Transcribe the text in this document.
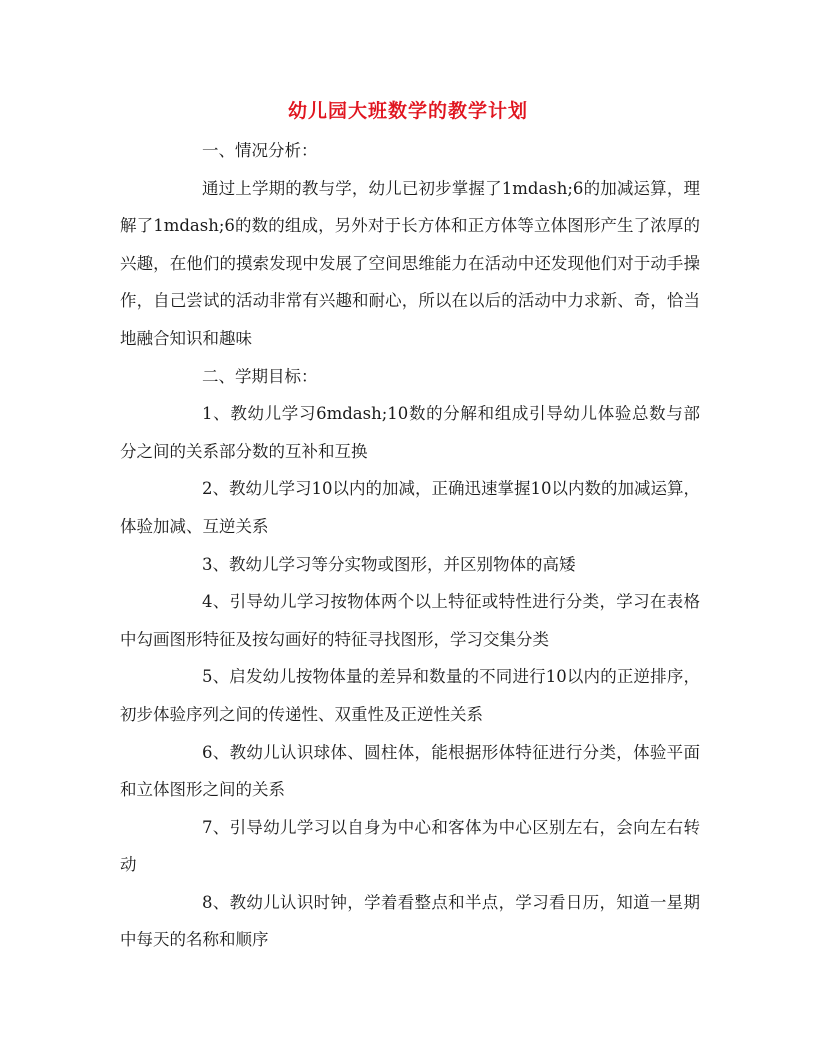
幼儿园大班数学的教学计划

一、情况分析：

通过上学期的教与学，幼儿已初步掌握了1mdash;6的加减运算，理解了1mdash;6的数的组成，另外对于长方体和正方体等立体图形产生了浓厚的兴趣，在他们的摸索发现中发展了空间思维能力在活动中还发现他们对于动手操作，自己尝试的活动非常有兴趣和耐心，所以在以后的活动中力求新、奇，恰当地融合知识和趣味

二、学期目标：

1、教幼儿学习6mdash;10数的分解和组成引导幼儿体验总数与部分之间的关系部分数的互补和互换

2、教幼儿学习10以内的加减，正确迅速掌握10以内数的加减运算，体验加减、互逆关系

3、教幼儿学习等分实物或图形，并区别物体的高矮

4、引导幼儿学习按物体两个以上特征或特性进行分类，学习在表格中勾画图形特征及按勾画好的特征寻找图形，学习交集分类

5、启发幼儿按物体量的差异和数量的不同进行10以内的正逆排序，初步体验序列之间的传递性、双重性及正逆性关系

6、教幼儿认识球体、圆柱体，能根据形体特征进行分类，体验平面和立体图形之间的关系

7、引导幼儿学习以自身为中心和客体为中心区别左右，会向左右转动

8、教幼儿认识时钟，学着看整点和半点，学习看日历，知道一星期中每天的名称和顺序
